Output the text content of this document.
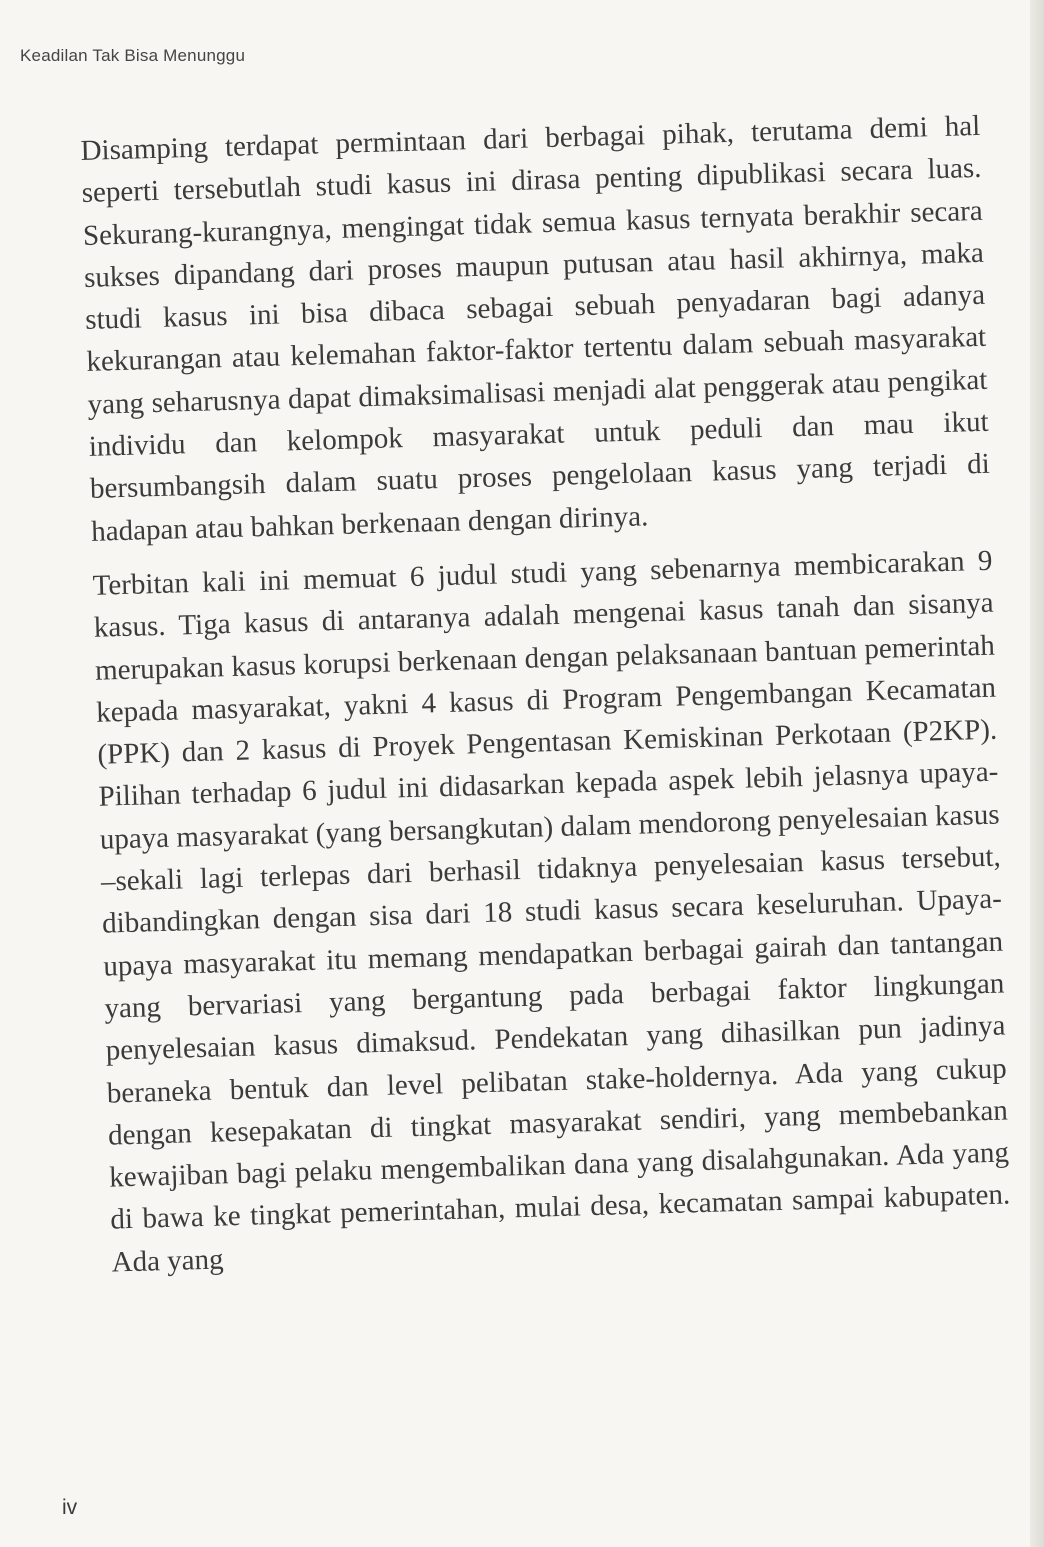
Keadilan Tak Bisa Menunggu

Disamping terdapat permintaan dari berbagai pihak, terutama demi hal seperti tersebutlah studi kasus ini dirasa penting dipublikasi secara luas. Sekurang-kurangnya, mengingat tidak semua kasus ternyata berakhir secara sukses dipandang dari proses maupun putusan atau hasil akhirnya, maka studi kasus ini bisa dibaca sebagai sebuah penyadaran bagi adanya kekurangan atau kelemahan faktor-faktor tertentu dalam sebuah masyarakat yang seharusnya dapat dimaksimalisasi menjadi alat penggerak atau pengikat individu dan kelompok masyarakat untuk peduli dan mau ikut bersumbangsih dalam suatu proses pengelolaan kasus yang terjadi di hadapan atau bahkan berkenaan dengan dirinya.

Terbitan kali ini memuat 6 judul studi yang sebenarnya membicarakan 9 kasus. Tiga kasus di antaranya adalah mengenai kasus tanah dan sisanya merupakan kasus korupsi berkenaan dengan pelaksanaan bantuan pemerintah kepada masyarakat, yakni 4 kasus di Program Pengembangan Kecamatan (PPK) dan 2 kasus di Proyek Pengentasan Kemiskinan Perkotaan (P2KP). Pilihan terhadap 6 judul ini didasarkan kepada aspek lebih jelasnya upaya-upaya masyarakat (yang bersangkutan) dalam mendorong penyelesaian kasus –sekali lagi terlepas dari berhasil tidaknya penyelesaian kasus tersebut, dibandingkan dengan sisa dari 18 studi kasus secara keseluruhan. Upaya-upaya masyarakat itu memang mendapatkan berbagai gairah dan tantangan yang bervariasi yang bergantung pada berbagai faktor lingkungan penyelesaian kasus dimaksud. Pendekatan yang dihasilkan pun jadinya beraneka bentuk dan level pelibatan stake-holdernya. Ada yang cukup dengan kesepakatan di tingkat masyarakat sendiri, yang membebankan kewajiban bagi pelaku mengembalikan dana yang disalahgunakan. Ada yang di bawa ke tingkat pemerintahan, mulai desa, kecamatan sampai kabupaten. Ada yang

iv
